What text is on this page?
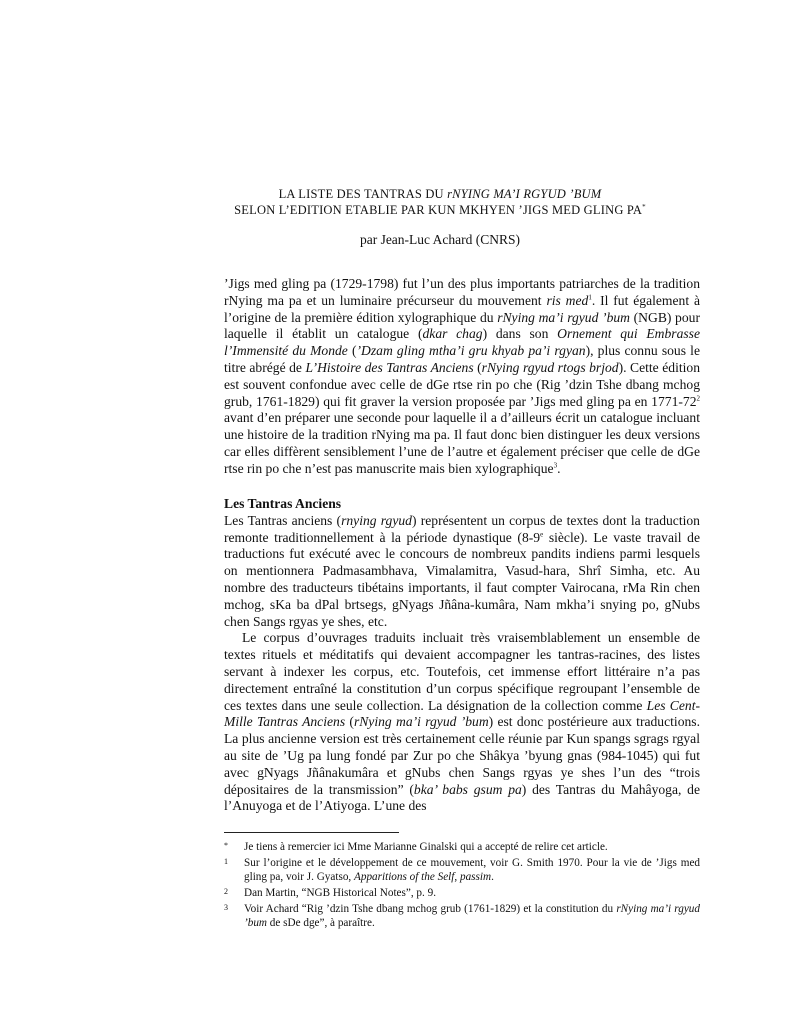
LA LISTE DES TANTRAS DU rNYING MA’I RGYUD ’BUM
SELON L’EDITION ETABLIE PAR KUN MKHYEN ’JIGS MED GLING PA*
par Jean-Luc Achard (CNRS)

’Jigs med gling pa (1729-1798) fut l’un des plus importants patriarches de la tradition rNying ma pa et un luminaire précurseur du mouvement ris med$^1$. Il fut également à l’origine de la première édition xylographique du rNying ma’i rgyud ’bum (NGB) pour laquelle il établit un catalogue (dkar chag) dans son Ornement qui Embrasse l’Immensité du Monde (’Dzam gling mtha’i gru khyab pa’i rgyan), plus connu sous le titre abrégé de L’Histoire des Tantras Anciens (rNying rgyud rtogs brjod). Cette édition est souvent confondue avec celle de dGe rtse rin po che (Rig ’dzin Tshe dbang mchog grub, 1761-1829) qui fit graver la version proposée par ’Jigs med gling pa en $1771-72^2$ avant d’en préparer une seconde pour laquelle il a d’ailleurs écrit un catalogue incluant une histoire de la tradition rNying ma pa. Il faut donc bien distinguer les deux versions car elles diffèrent sensiblement l’une de l’autre et également préciser que celle de dGe rtse rin po che n’est pas manuscrite mais bien xylographique$^3$.

Les Tantras Anciens

Les Tantras anciens (rnying rgyud) représentent un corpus de textes dont la traduction remonte traditionnellement à la période dynastique (8-9e siècle). Le vaste travail de traductions fut exécuté avec le concours de nombreux pandits indiens parmi lesquels on mentionnera Padmasambhava, Vimalamitra, Vasud-hara, Shrî Simha, etc. Au nombre des traducteurs tibétains importants, il faut compter Vairocana, rMa Rin chen mchog, sKa ba dPal brtsegs, gNyags Jñâna-kumâra, Nam mkha’i snying po, gNubs chen Sangs rgyas ye shes, etc.

Le corpus d’ouvrages traduits incluait très vraisemblablement un ensemble de textes rituels et méditatifs qui devaient accompagner les tantras-racines, des listes servant à indexer les corpus, etc. Toutefois, cet immense effort littéraire n’a pas directement entraîné la constitution d’un corpus spécifique regroupant l’ensemble de ces textes dans une seule collection. La désignation de la collection comme Les Cent-Mille Tantras Anciens (rNying ma’i rgyud ’bum) est donc postérieure aux traductions. La plus ancienne version est très certainement celle réunie par Kun spangs sgrags rgyal au site de ’Ug pa lung fondé par Zur po che Shâkya ’byung gnas (984-1045) qui fut avec gNyags Jñânakumâra et gNubs chen Sangs rgyas ye shes l’un des “trois dépositaires de la transmission” (bka’ babs gsum pa) des Tantras du Mahâyoga, de l’Anuyoga et de l’Atiyoga. L’une des

*	Je tiens à remercier ici Mme Marianne Ginalski qui a accepté de relire cet article.
1	Sur l’origine et le développement de ce mouvement, voir G. Smith 1970. Pour la vie de ’Jigs med gling pa, voir J. Gyatso, Apparitions of the Self, passim.
2	Dan Martin, “NGB Historical Notes”, p. 9.
3	Voir Achard “Rig ’dzin Tshe dbang mchog grub (1761-1829) et la constitution du rNying ma’i rgyud ’bum de sDe dge”, à paraître.
